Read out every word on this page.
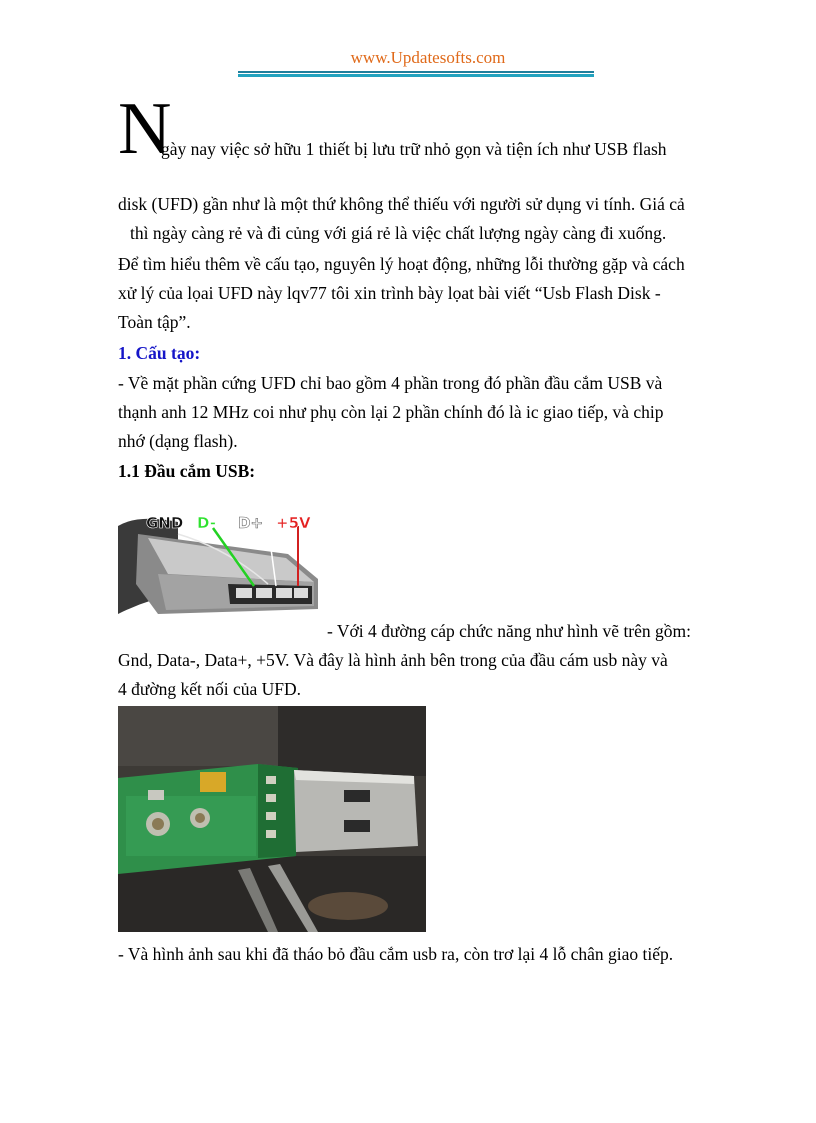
www.Updatesofts.com
N
gày nay việc sở hữu 1 thiết bị lưu trữ nhỏ gọn và tiện ích như USB flash
disk (UFD) gần như là một thứ không thể thiếu với người sử dụng vi tính. Giá cả
thì ngày càng rẻ và đi củng với giá rẻ là việc chất lượng ngày càng đi xuống.
Để tìm hiểu thêm về cấu tạo, nguyên lý hoạt động, những lỗi thường gặp và cách
xử lý của lọai UFD này lqv77 tôi xin trình bày lọat bài viết “Usb Flash Disk -
Toàn tập”.
1. Cấu tạo:
- Về mặt phần cứng UFD chỉ bao gồm 4 phần trong đó phần đầu cắm USB và
thạnh anh 12 MHz coi như phụ còn lại 2 phần chính đó là ic giao tiếp, và chip
nhớ (dạng flash).
1.1 Đầu cắm USB:
GND D- D+ +5V
- Với 4 đường cáp chức năng như hình vẽ trên gồm:
Gnd, Data-, Data+, +5V. Và đây là hình ảnh bên trong của đầu cám usb này và
4 đường kết nối của UFD.
- Và hình ảnh sau khi đã tháo bỏ đầu cắm usb ra, còn trơ lại 4 lỗ chân giao tiếp.
